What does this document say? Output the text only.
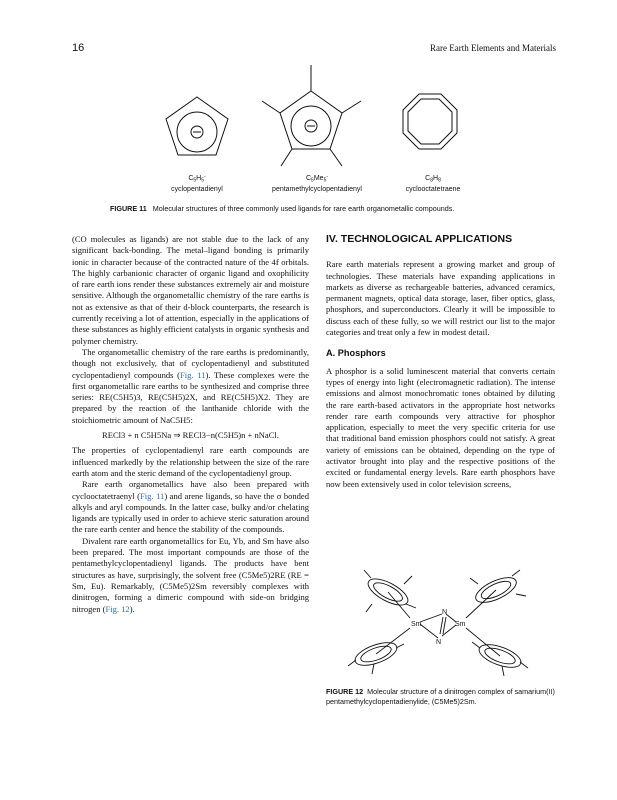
16	Rare Earth Elements and Materials
$C_5H_5^-$
cyclopentadienyl
$C_5Me_5^-$
pentamethylcyclopentadienyl
$C_8H_8$
cyclooctatetraene
FIGURE 11 Molecular structures of three commonly used ligands for rare earth organometallic compounds.

(CO molecules as ligands) are not stable due to the lack of any significant back-bonding. The metal–ligand bonding is primarily ionic in character because of the contracted nature of the 4f orbitals. The highly carbanionic character of organic ligand and oxophilicity of rare earth ions render these substances extremely air and moisture sensitive. Although the organometallic chemistry of the rare earths is not as extensive as that of their d-block counterparts, the research is currently receiving a lot of attention, especially in the applications of these substances as highly efficient catalysts in organic synthesis and polymer chemistry.

The organometallic chemistry of the rare earths is predominantly, though not exclusively, that of cyclopentadienyl and substituted cyclopentadienyl compounds (Fig. 11). These complexes were the first organometallic rare earths to be synthesized and comprise three series: RE(C5H5)3, RE(C5H5)2X, and RE(C5H5)X2. They are prepared by the reaction of the lanthanide chloride with the stoichiometric amount of NaC5H5:

RECl3 + n C5H5Na ⇒ RECl3−n(C5H5)n + nNaCl.

The properties of cyclopentadienyl rare earth compounds are influenced markedly by the relationship between the size of the rare earth atom and the steric demand of the cyclopentadienyl group.

Rare earth organometallics have also been prepared with cyclooctatetraenyl (Fig. 11) and arene ligands, so have the σ bonded alkyls and aryl compounds. In the latter case, bulky and/or chelating ligands are typically used in order to achieve steric saturation around the rare earth center and hence the stability of the compounds.

Divalent rare earth organometallics for Eu, Yb, and Sm have also been prepared. The most important compounds are those of the pentamethylcyclopentadienyl ligands. The products have bent structures as have, surprisingly, the solvent free (C5Me5)2RE (RE = Sm, Eu). Remarkably, (C5Me5)2Sm reversibly complexes with dinitrogen, forming a dimeric compound with side-on bridging nitrogen (Fig. 12).

IV. TECHNOLOGICAL APPLICATIONS

Rare earth materials represent a growing market and group of technologies. These materials have expanding applications in markets as diverse as rechargeable batteries, advanced ceramics, permanent magnets, optical data storage, laser, fiber optics, glass, phosphors, and superconductors. Clearly it will be impossible to discuss each of these fully, so we will restrict our list to the major categories and treat only a few in modest detail.

A. Phosphors

A phosphor is a solid luminescent material that converts certain types of energy into light (electromagnetic radiation). The intense emissions and almost monochromatic tones obtained by diluting the rare earth-based activators in the appropriate host networks render rare earth compounds very attractive for phosphor application, especially to meet the very specific criteria for use that traditional band emission phosphors could not satisfy. A great variety of emissions can be obtained, depending on the type of activator brought into play and the respective positions of the excited or fundamental energy levels. Rare earth phosphors have now been extensively used in color television screens,

Sm	Sm
N
N
FIGURE 12 Molecular structure of a dinitrogen complex of samarium(II) pentamethylcyclopentadienylide, (C5Me5)2Sm.
